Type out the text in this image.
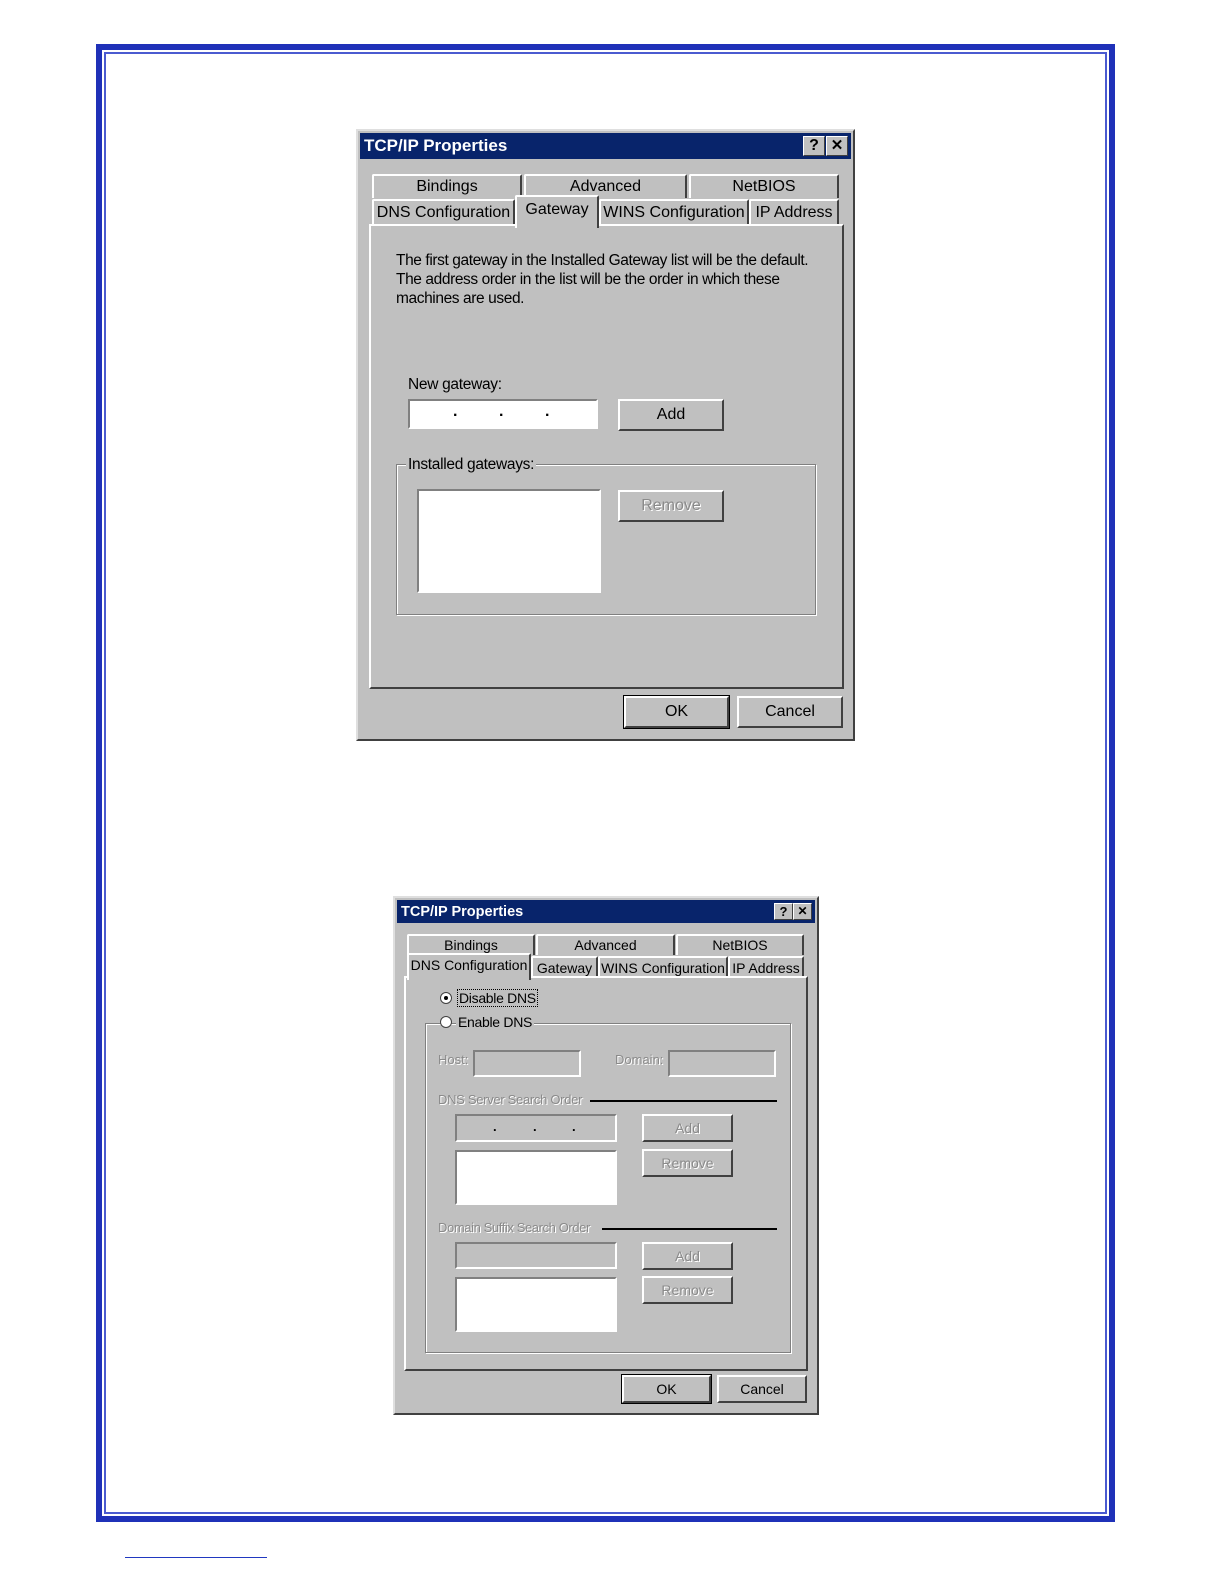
TCP/IP Properties	? ✕
Bindings	Advanced	NetBIOS
DNS Configuration Gateway WINS Configuration IP Address
The first gateway in the Installed Gateway list will be the default.
The address order in the list will be the order in which these
machines are used.
New gateway:
.	.	.	Add
Installed gateways:
Remove
OK	Cancel
TCP/IP Properties	? ✕
Bindings	Advanced	NetBIOS
DNS Configuration Gateway WINS Configuration IP Address
Disable DNS
Enable DNS
Host:	Domain:
DNS Server Search Order
.	.	.	Add
Remove
Domain Suffix Search Order
Add
Remove
OK	Cancel
